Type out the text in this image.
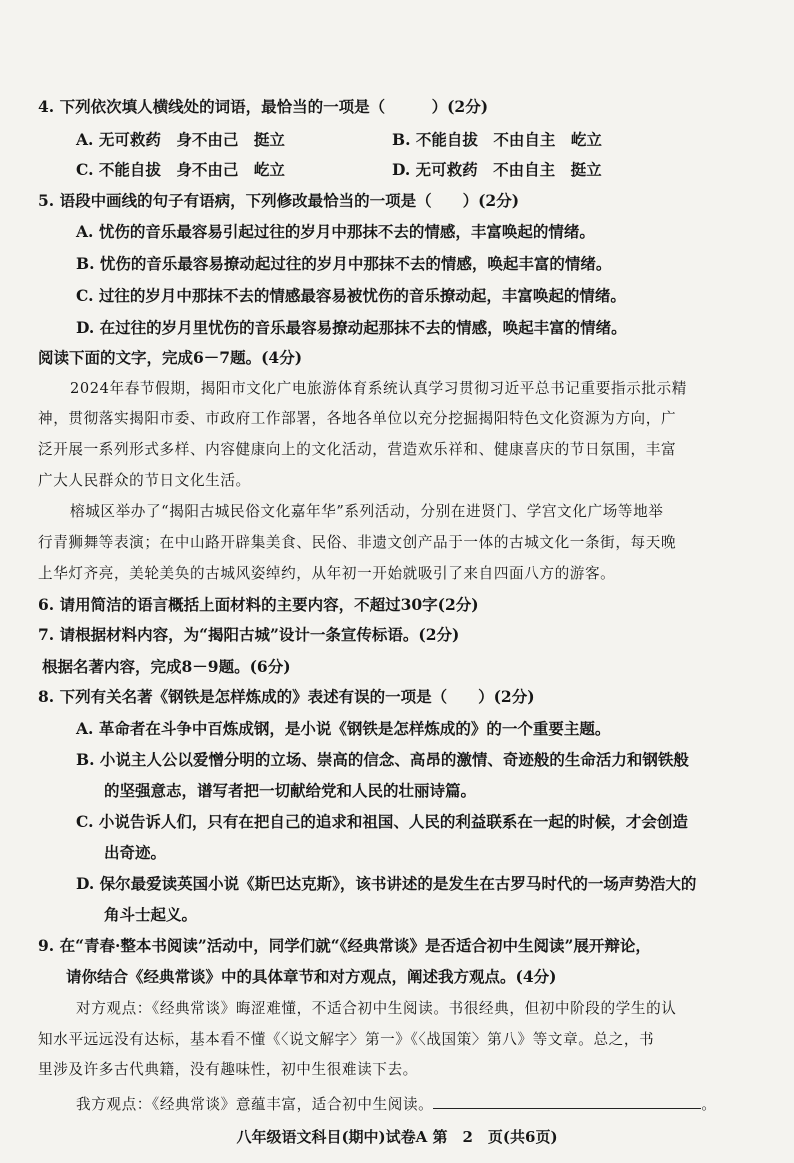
4. 下列依次填人横线处的词语，最恰当的一项是（　　　）(2分)
A. 无可救药　身不由己　挺立	B. 不能自拔　不由自主　屹立
C. 不能自拔　身不由己　屹立	D. 无可救药　不由自主　挺立
5. 语段中画线的句子有语病，下列修改最恰当的一项是（　　）(2分)
A. 忧伤的音乐最容易引起过往的岁月中那抹不去的情感，丰富唤起的情绪。
B. 忧伤的音乐最容易撩动起过往的岁月中那抹不去的情感，唤起丰富的情绪。
C. 过往的岁月中那抹不去的情感最容易被忧伤的音乐撩动起，丰富唤起的情绪。
D. 在过往的岁月里忧伤的音乐最容易撩动起那抹不去的情感，唤起丰富的情绪。
阅读下面的文字，完成6－7题。(4分)
2024年春节假期，揭阳市文化广电旅游体育系统认真学习贯彻习近平总书记重要指示批示精
神，贯彻落实揭阳市委、市政府工作部署，各地各单位以充分挖掘揭阳特色文化资源为方向，广
泛开展一系列形式多样、内容健康向上的文化活动，营造欢乐祥和、健康喜庆的节日氛围，丰富
广大人民群众的节日文化生活。
榕城区举办了“揭阳古城民俗文化嘉年华”系列活动，分别在进贤门、学宫文化广场等地举
行青狮舞等表演；在中山路开辟集美食、民俗、非遗文创产品于一体的古城文化一条街，每天晚
上华灯齐亮，美轮美奂的古城风姿绰约，从年初一开始就吸引了来自四面八方的游客。
6. 请用简洁的语言概括上面材料的主要内容，不超过30字(2分)
7. 请根据材料内容，为“揭阳古城”设计一条宣传标语。(2分)
根据名著内容，完成8－9题。(6分)
8. 下列有关名著《钢铁是怎样炼成的》表述有误的一项是（　　）(2分)
A. 革命者在斗争中百炼成钢，是小说《钢铁是怎样炼成的》的一个重要主题。
B. 小说主人公以爱憎分明的立场、崇高的信念、高昂的激情、奇迹般的生命活力和钢铁般
的坚强意志，谱写者把一切献给党和人民的壮丽诗篇。
C. 小说告诉人们，只有在把自己的追求和祖国、人民的利益联系在一起的时候，才会创造
出奇迹。
D. 保尔最爱读英国小说《斯巴达克斯》，该书讲述的是发生在古罗马时代的一场声势浩大的
角斗士起义。
9. 在“青春·整本书阅读”活动中，同学们就“《经典常谈》是否适合初中生阅读”展开辩论，
请你结合《经典常谈》中的具体章节和对方观点，阐述我方观点。(4分)
对方观点：《经典常谈》晦涩难懂，不适合初中生阅读。书很经典，但初中阶段的学生的认
知水平远远没有达标，基本看不懂《〈说文解字〉第一》《〈战国策〉第八》等文章。总之，书
里涉及许多古代典籍，没有趣味性，初中生很难读下去。
我方观点：《经典常谈》意蕴丰富，适合初中生阅读。	。
八年级语文科目(期中)试卷A 第　2　页(共6页)
